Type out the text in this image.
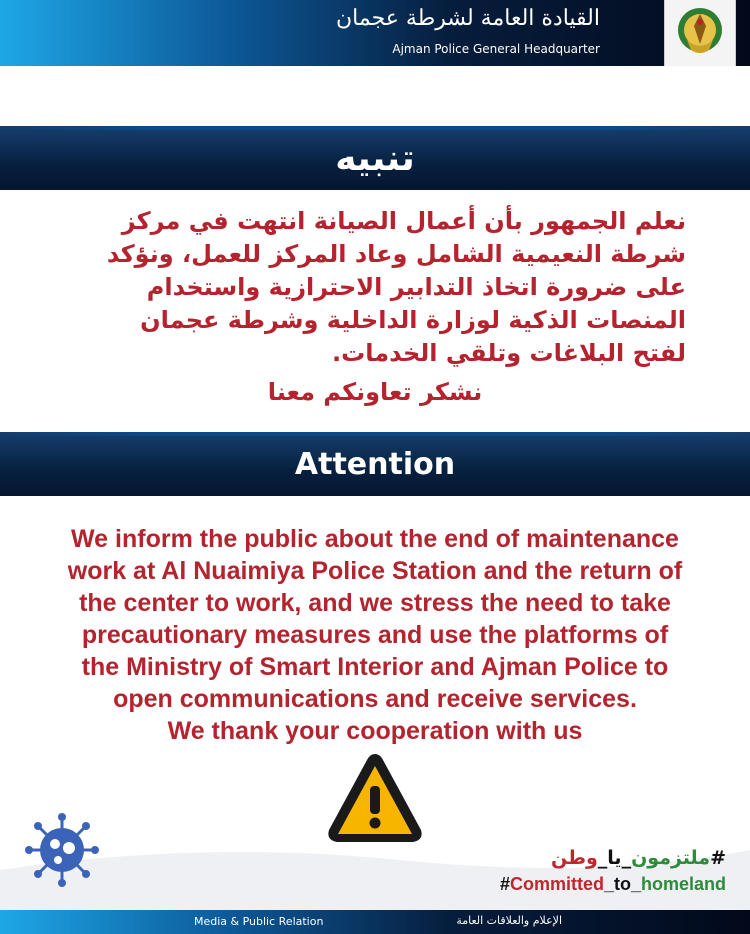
القيادة العامة لشرطة عجمان
Ajman Police General Headquarter
تنبيه

نعلم الجمهور بأن أعمال الصيانة انتهت في مركز

شرطة النعيمية الشامل وعاد المركز للعمل، ونؤكد

على ضرورة اتخاذ التدابير الاحترازية واستخدام

المنصات الذكية لوزارة الداخلية وشرطة عجمان

لفتح البلاغات وتلقي الخدمات.

نشكر تعاونكم معنا
Attention

We inform the public about the end of maintenance

work at Al Nuaimiya Police Station and the return of

the center to work, and we stress the need to take

precautionary measures and use the platforms of

the Ministry of Smart Interior and Ajman Police to

open communications and receive services.

We thank your cooperation with us

#ملتزمون_يا_وطن
#Committed_to_homeland
Media & Public Relation	الإعلام والعلاقات العامة
